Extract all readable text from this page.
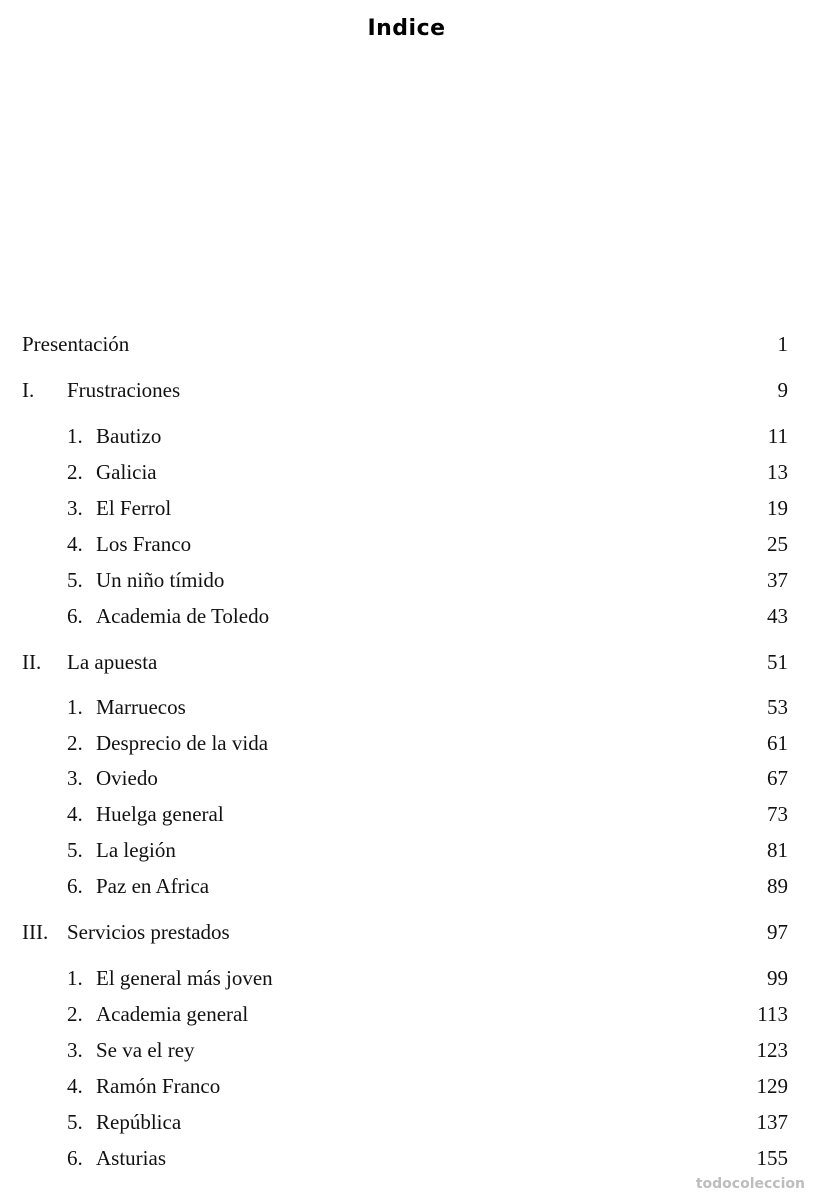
Indice
Presentación	1
I. Frustraciones	9
1. Bautizo	11
2. Galicia	13
3. El Ferrol	19
4. Los Franco	25
5. Un niño tímido	37
6. Academia de Toledo	43
II. La apuesta	51
1. Marruecos	53
2. Desprecio de la vida	61
3. Oviedo	67
4. Huelga general	73
5. La legión	81
6. Paz en Africa	89
III. Servicios prestados	97
1. El general más joven	99
2. Academia general	113
3. Se va el rey	123
4. Ramón Franco	129
5. República	137
6. Asturias	155
todocoleccion
